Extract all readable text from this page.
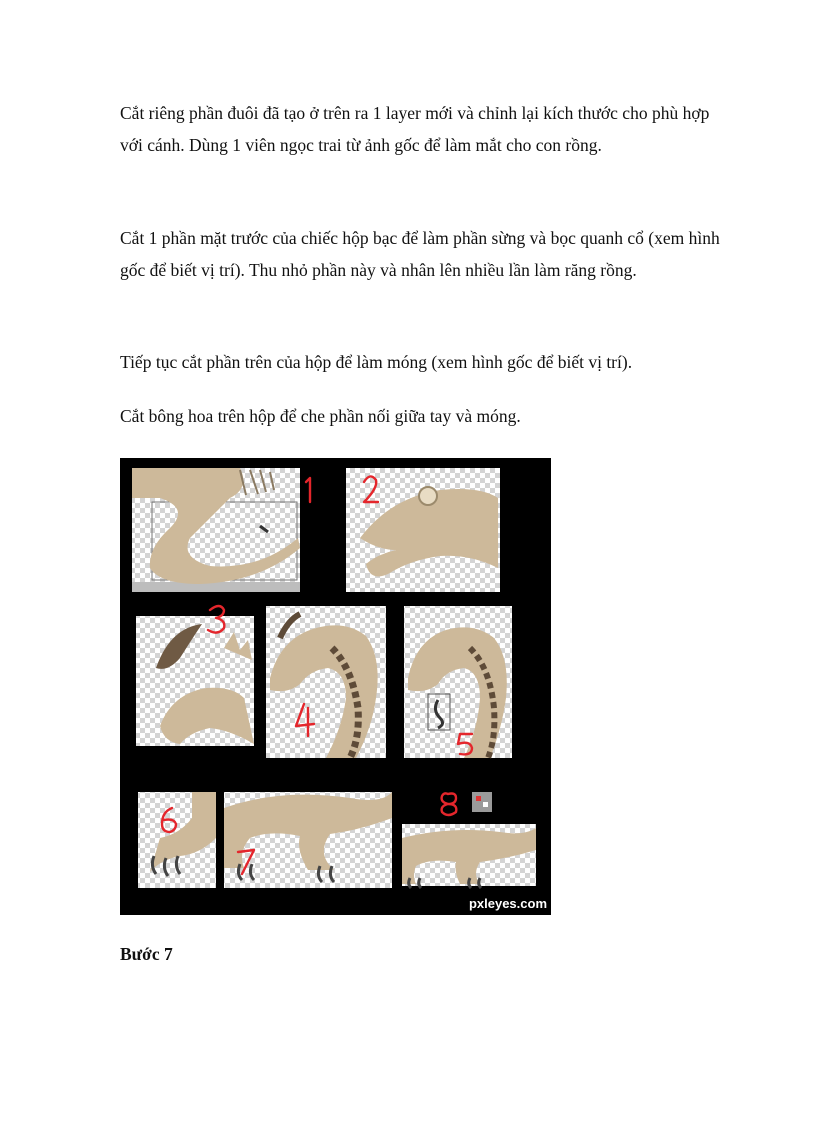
Cắt riêng phần đuôi đã tạo ở trên ra 1 layer mới và chỉnh lại kích thước cho phù hợp với cánh. Dùng 1 viên ngọc trai từ ảnh gốc để làm mắt cho con rồng.

Cắt 1 phần mặt trước của chiếc hộp bạc để làm phần sừng và bọc quanh cổ (xem hình gốc để biết vị trí). Thu nhỏ phần này và nhân lên nhiều lần làm răng rồng.

Tiếp tục cắt phần trên của hộp để làm móng (xem hình gốc để biết vị trí).

Cắt bông hoa trên hộp để che phần nối giữa tay và móng.

pxleyes.com

Bước 7
